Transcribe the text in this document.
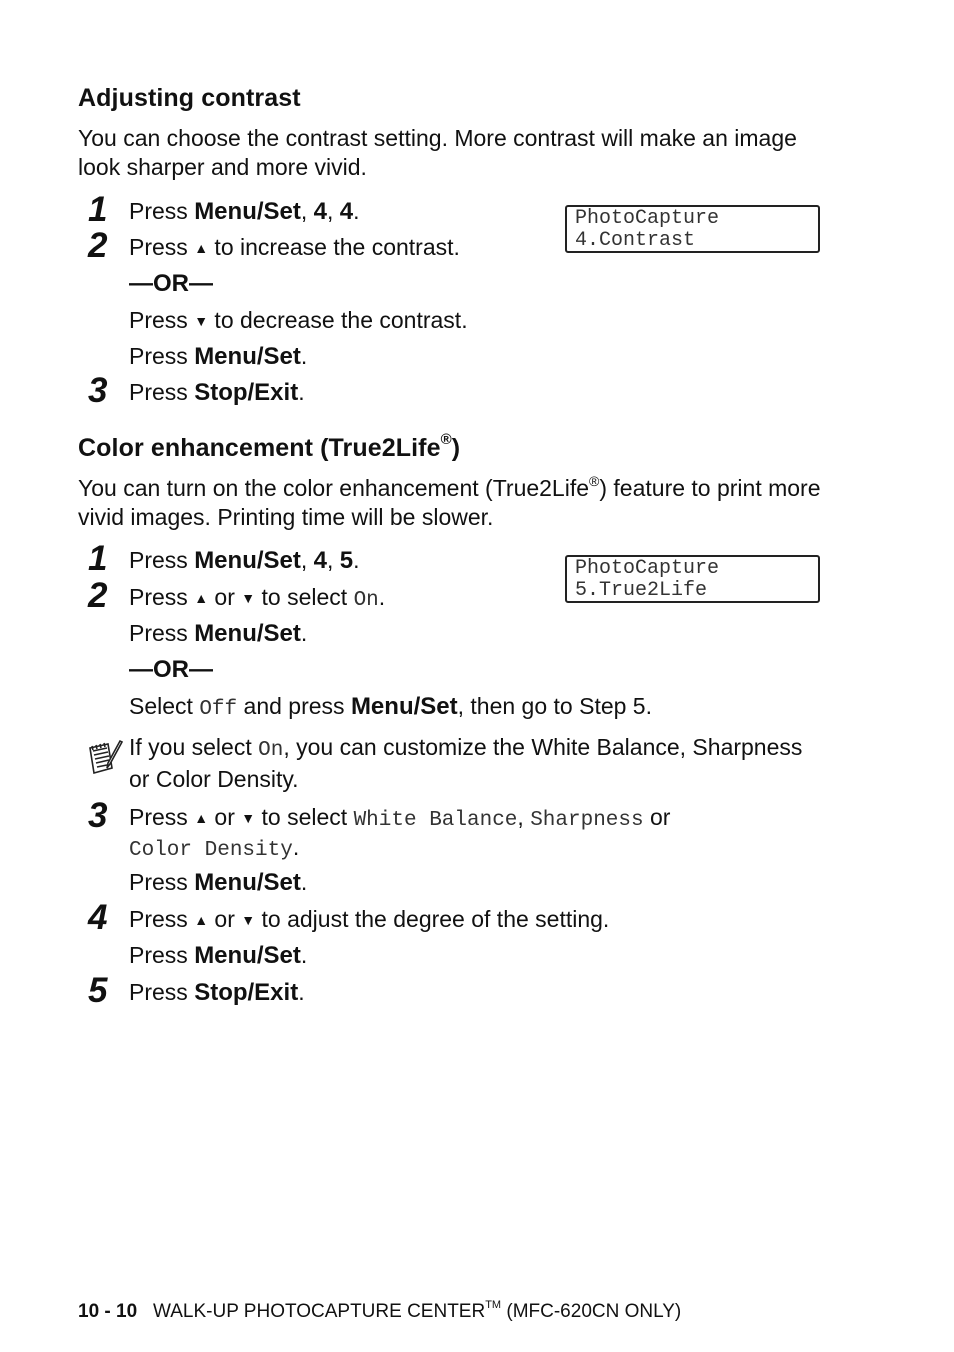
Adjusting contrast

You can choose the contrast setting. More contrast will make an image look sharper and more vivid.

PhotoCapture
4.Contrast
1 Press Menu/Set, 4, 4.
2 Press ▲ to increase the contrast.
—OR—
Press ▼ to decrease the contrast.
Press Menu/Set.
3 Press Stop/Exit.
Color enhancement (True2Life®)

You can turn on the color enhancement (True2Life®) feature to print more vivid images. Printing time will be slower.

PhotoCapture
5.True2Life
1 Press Menu/Set, 4, 5.
2 Press ▲ or ▼ to select On.
Press Menu/Set.
—OR—
Select Off and press Menu/Set, then go to Step 5.
If you select On, you can customize the White Balance, Sharpness or Color Density.
3 Press ▲ or ▼ to select White Balance, Sharpness or
Color Density.
Press Menu/Set.
4 Press ▲ or ▼ to adjust the degree of the setting.
Press Menu/Set.
5 Press Stop/Exit.
10 - 10 WALK-UP PHOTOCAPTURE CENTER™ (MFC-620CN ONLY)
